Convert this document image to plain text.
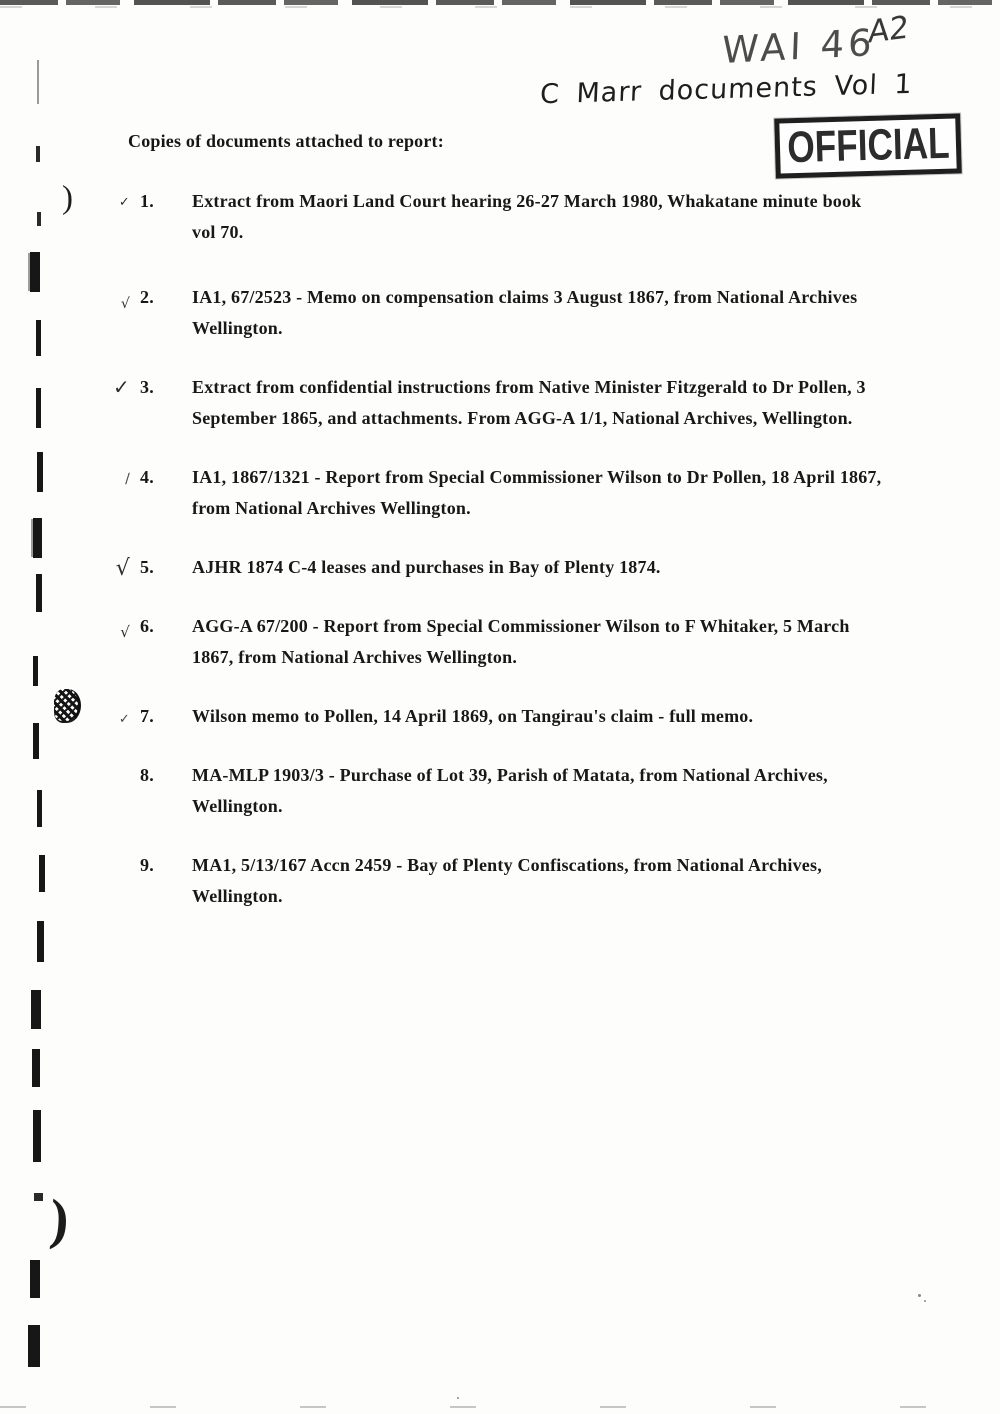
WAI 46
A2
C Marr documents Vol 1
OFFICIAL
Copies of documents attached to report:
✓ 1.	Extract from Maori Land Court hearing 26-27 March 1980, Whakatane minute book vol 70.
√ 2.	IA1, 67/2523 - Memo on compensation claims 3 August 1867, from National Archives Wellington.
✓ 3.	Extract from confidential instructions from Native Minister Fitzgerald to Dr Pollen, 3 September 1865, and attachments. From AGG-A 1/1, National Archives, Wellington.
∕ 4.	IA1, 1867/1321 - Report from Special Commissioner Wilson to Dr Pollen, 18 April 1867, from National Archives Wellington.
√ 5.	AJHR 1874 C-4 leases and purchases in Bay of Plenty 1874.
√ 6.	AGG-A 67/200 - Report from Special Commissioner Wilson to F Whitaker, 5 March 1867, from National Archives Wellington.
✓ 7.	Wilson memo to Pollen, 14 April 1869, on Tangirau's claim - full memo.
8.	MA-MLP 1903/3 - Purchase of Lot 39, Parish of Matata, from National Archives, Wellington.
9.	MA1, 5/13/167 Accn 2459 - Bay of Plenty Confiscations, from National Archives, Wellington.
)
)
